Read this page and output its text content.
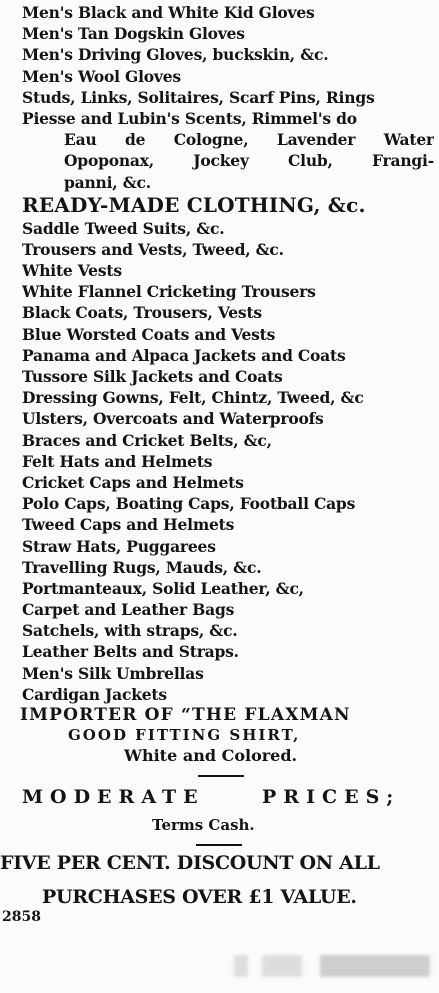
Men's Black and White Kid Gloves
Men's Tan Dogskin Gloves
Men's Driving Gloves, buckskin, &c.
Men's Wool Gloves
Studs, Links, Solitaires, Scarf Pins, Rings
Piesse and Lubin's Scents, Rimmel's do
Eau de Cologne, Lavender Water
Opoponax,	Jockey	Club,	Frangi-
panni, &c.
READY-MADE CLOTHING, &c.
Saddle Tweed Suits, &c.
Trousers and Vests, Tweed, &c.
White Vests
White Flannel Cricketing Trousers
Black Coats, Trousers, Vests
Blue Worsted Coats and Vests
Panama and Alpaca Jackets and Coats
Tussore Silk Jackets and Coats
Dressing Gowns, Felt, Chintz, Tweed, &c
Ulsters, Overcoats and Waterproofs
Braces and Cricket Belts, &c,
Felt Hats and Helmets
Cricket Caps and Helmets
Polo Caps, Boating Caps, Football Caps
Tweed Caps and Helmets
Straw Hats, Puggarees
Travelling Rugs, Mauds, &c.
Portmanteaux, Solid Leather, &c,
Carpet and Leather Bags
Satchels, with straps, &c.
Leather Belts and Straps.
Men's Silk Umbrellas
Cardigan Jackets
IMPORTER OF “THE FLAXMAN
GOOD FITTING SHIRT,
White and Colored.
MODERATE	PRICES;
Terms Cash.
FIVE PER CENT. DISCOUNT ON ALL
PURCHASES OVER £1 VALUE.
2858
